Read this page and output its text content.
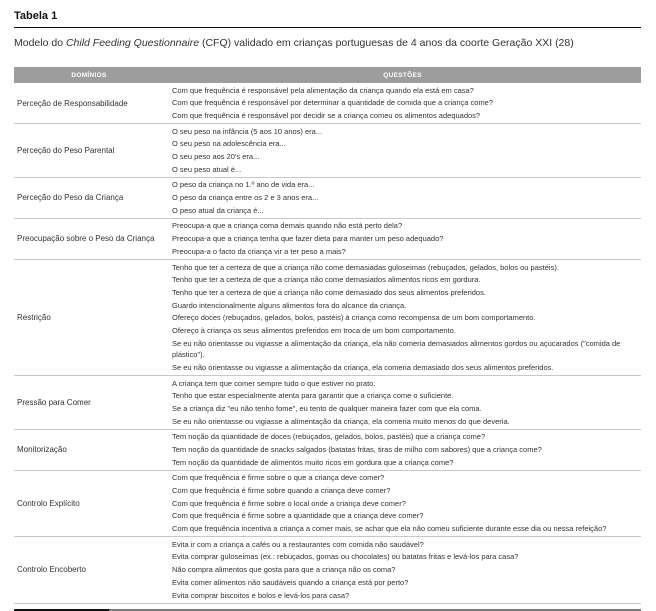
Tabela 1
Modelo do Child Feeding Questionnaire (CFQ) validado em crianças portuguesas de 4 anos da coorte Geração XXI (28)
DOMÍNIOS	QUESTÕES
Perceção de Responsabilidade
Com que frequência é responsável pela alimentação da criança quando ela está em casa?
Com que frequência é responsável por determinar a quantidade de comida que a criança come?
Com que frequência é responsável por decidir se a criança comeu os alimentos adequados?
Perceção do Peso Parental
O seu peso na infância (5 aos 10 anos) era...
O seu peso na adolescência era...
O seu peso aos 20's era...
O seu peso atual é...
Perceção do Peso da Criança
O peso da criança no 1.º ano de vida era...
O peso da criança entre os 2 e 3 anos era...
O peso atual da criança é...
Preocupação sobre o Peso da Criança
Preocupa-a que a criança coma demais quando não está perto dela?
Preocupa-a que a criança tenha que fazer dieta para manter um peso adequado?
Preocupa-a o facto da criança vir a ter peso a mais?
Restrição
Tenho que ter a certeza de que a criança não come demasiadas guloseimas (rebuçados, gelados, bolos ou pastéis).
Tenho que ter a certeza de que a criança não come demasiados alimentos ricos em gordura.
Tenho que ter a certeza de que a criança não come demasiado dos seus alimentos preferidos.
Guardo intencionalmente alguns alimentos fora do alcance da criança.
Ofereço doces (rebuçados, gelados, bolos, pastéis) à criança como recompensa de um bom comportamento.
Ofereço à criança os seus alimentos preferidos em troca de um bom comportamento.
Se eu não orientasse ou vigiasse a alimentação da criança, ela não comeria demasiados alimentos gordos ou açucarados ("comida de plástico").
Se eu não orientasse ou vigiasse a alimentação da criança, ela comeria demasiado dos seus alimentos preferidos.
Pressão para Comer
A criança tem que comer sempre tudo o que estiver no prato.
Tenho que estar especialmente atenta para garantir que a criança come o suficiente.
Se a criança diz "eu não tenho fome", eu tento de qualquer maneira fazer com que ela coma.
Se eu não orientasse ou vigiasse a alimentação da criança, ela comeria muito menos do que deveria.
Monitorização
Tem noção da quantidade de doces (rebuçados, gelados, bolos, pastéis) que a criança come?
Tem noção da quantidade de snacks salgados (batatas fritas, tiras de milho com sabores) que a criança come?
Tem noção da quantidade de alimentos muito ricos em gordura que a criança come?
Controlo Explícito
Com que frequência é firme sobre o que a criança deve comer?
Com que frequência é firme sobre quando a criança deve comer?
Com que frequência é firme sobre o local onde a criança deve comer?
Com que frequência é firme sobre a quantidade que a criança deve comer?
Com que frequência incentiva a criança a comer mais, se achar que ela não comeu suficiente durante esse dia ou nessa refeição?
Controlo Encoberto
Evita ir com a criança a cafés ou a restaurantes com comida não saudável?
Evita comprar guloseimas (ex.: rebuçados, gomas ou chocolates) ou batatas fritas e levá-los para casa?
Não compra alimentos que gosta para que a criança não os coma?
Evita comer alimentos não saudáveis quando a criança está por perto?
Evita comprar biscoitos e bolos e levá-los para casa?
